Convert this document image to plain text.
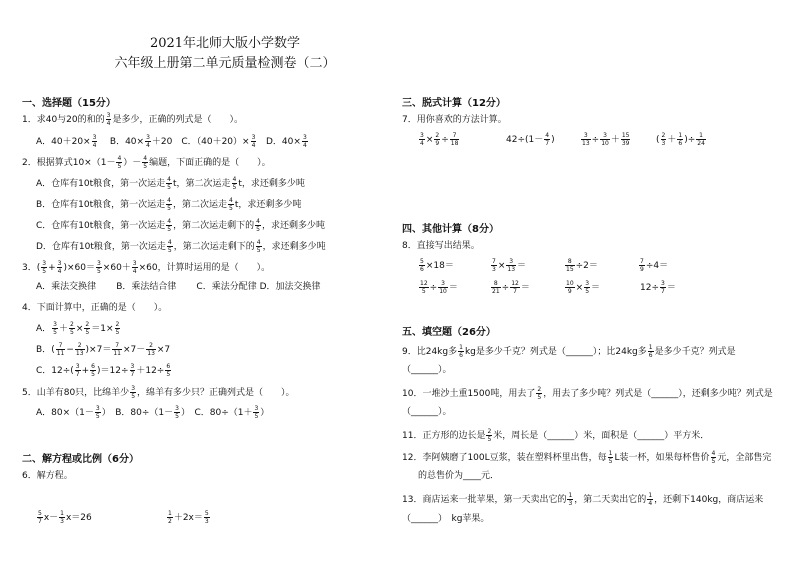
2021年北师大版小学数学
六年级上册第二单元质量检测卷（二）
一、选择题（15分）
1．求40与20的和的 $\frac{3}{4}$ 是多少，正确的列式是（　　）。
A．$40+20\times \frac{3}{4}$ B．$40\times \frac{3}{4} +20$　C．$(40+20)\times \frac{3}{4}$ D．$40\times \frac{3}{4}$
2．根据算式$10\times(1- \frac{4}{5}$ ）－ $\frac{4}{5}$ 编题，下面正确的是（　　）。
A．仓库有10t粮食，第一次运走 $\frac{4}{5}$ t，第二次运走 $\frac{4}{5}$ t，求还剩多少吨
B．仓库有10t粮食，第一次运走 $\frac{4}{5}$ ，第二次运走 $\frac{4}{5}$ t，求还剩多少吨
C．仓库有10t粮食，第一次运走 $\frac{4}{5}$ ，第二次运走剩下的 $\frac{4}{5}$ ，求还剩多少吨
D．仓库有10t粮食，第一次运走 $\frac{4}{5}$ ，第二次运走剩下的 $\frac{4}{5}$ ，求还剩多少吨
3．( $\frac{3}{5} + \frac{3}{4} )\times 60= \frac{3}{5} \times 60+ \frac{3}{4} \times 60$，计算时运用的是（　　）。
A．乘法交换律 B．乘法结合律 C．乘法分配律 D．加法交换律
4．下面计算中，正确的是（　　）。
A． $\frac{3}{5} + \frac{2}{5} \times \frac{2}{5} =1\times \frac{2}{5}$
B．( $\frac{7}{11} - \frac{2}{13} )\times 7= \frac{7}{11} \times 7- \frac{2}{13} \times 7$
C．$12\div( \frac{3}{7} + \frac{6}{5} )=12\div \frac{3}{7} +12\div \frac{6}{5}$
5．山羊有80只，比绵羊少 $\frac{3}{5}$ ，绵羊有多少只？正确列式是（　　）。
A．$80\times(1- \frac{3}{5}$ ）　B．$80\div(1- \frac{3}{5}$ ）　C．$80\div(1+ \frac{3}{5}$ ）
二、解方程或比例（6分）
6．解方程。
$\frac{5}{7} x- \frac{1}{3} x=26$	$\frac{1}{2} +2x= \frac{5}{3}$
三、脱式计算（12分）
7．用你喜欢的方法计算。
$\frac{3}{4} \times \frac{2}{9} \div \frac{7}{18}$	$42\div(1- \frac{4}{7}$ )	$\frac{3}{13} \div \frac{3}{10} + \frac{15}{39}$	( $\frac{2}{3} + \frac{1}{6}$ )÷ $\frac{1}{24}$
四、其他计算（8分）
8．直接写出结果。
$\frac{5}{6} \times 18=$	$\frac{7}{3} \times \frac{3}{13}$ ＝	$\frac{8}{15} \div 2=$	$\frac{7}{9} \div 4=$
$\frac{12}{5} \div \frac{3}{10}$ ＝	$\frac{8}{21} \div \frac{12}{7}$ ＝	$\frac{10}{9} \times \frac{3}{5}$ ＝	$12\div \frac{3}{7}$ ＝
五、填空题（26分）
9．比24kg多 $\frac{1}{6}$ kg是多少千克？列式是（______）；比24kg多 $\frac{1}{6}$ 是多少千克？列式是
（______）。
10．一堆沙土重1500吨，用去了 $\frac{2}{5}$ ，用去了多少吨？列式是（______），还剩多少吨？列式是
（______）。
11．正方形的边长是 $\frac{2}{5}$ 米，周长是（______）米，面积是（______）平方米．
12．李阿姨磨了100L豆浆，装在塑料杯里出售，每 $\frac{1}{5}$ L装一杯，如果每杯售价 $\frac{4}{5}$ 元，全部售完
的总售价为____元．
13．商店运来一批苹果，第一天卖出它的 $\frac{1}{3}$ ，第二天卖出它的 $\frac{1}{4}$ ，还剩下140kg，商店运来
（______）　kg苹果。
